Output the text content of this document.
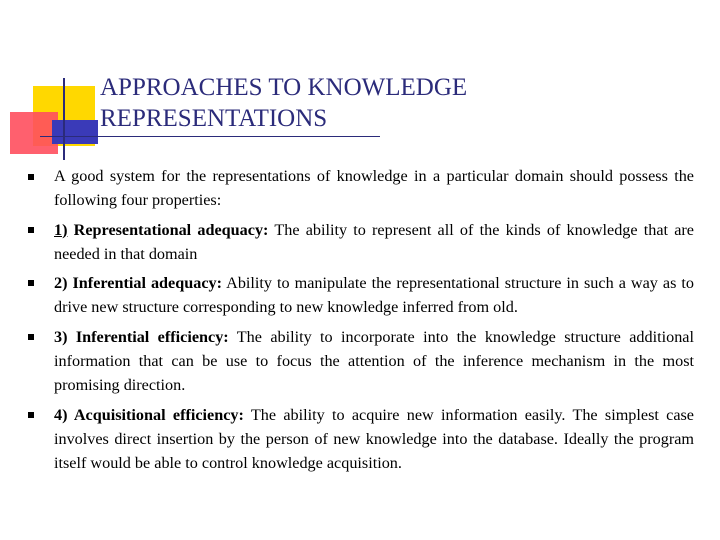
APPROACHES TO KNOWLEDGE
REPRESENTATIONS
A good system for the representations of knowledge in a particular domain should possess the following four properties:
1) Representational adequacy: The ability to represent all of the kinds of knowledge that are needed in that domain
2) Inferential adequacy: Ability to manipulate the representational structure in such a way as to drive new structure corresponding to new knowledge inferred from old.
3) Inferential efficiency: The ability to incorporate into the knowledge structure additional information that can be use to focus the attention of the inference mechanism in the most promising direction.
4) Acquisitional efficiency: The ability to acquire new information easily. The simplest case involves direct insertion by the person of new knowledge into the database. Ideally the program itself would be able to control knowledge acquisition.
